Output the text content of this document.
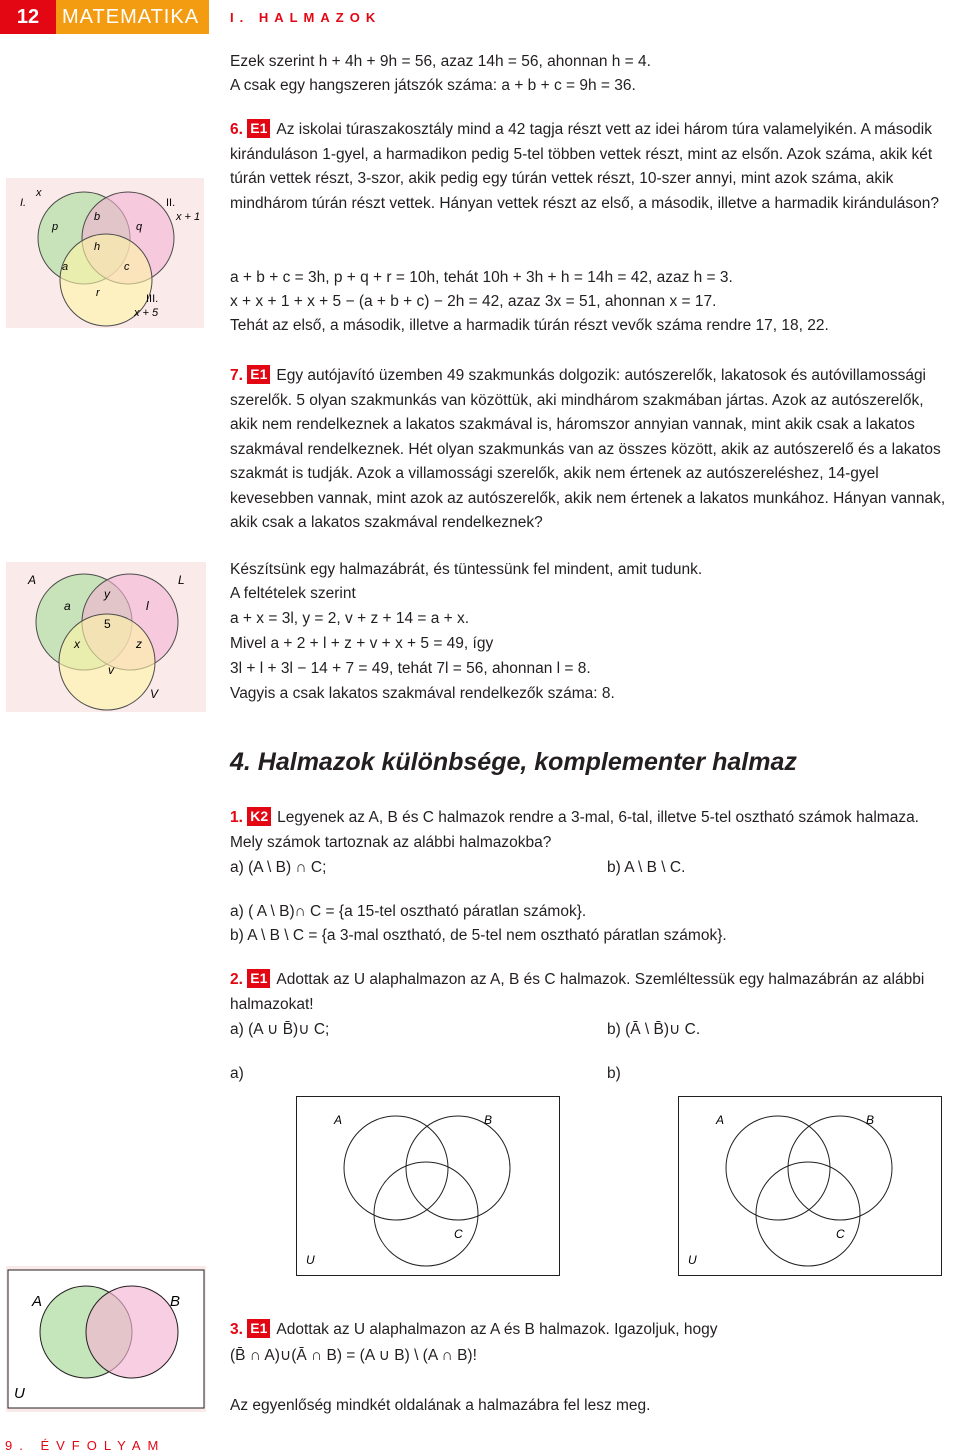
12	MATEMATIKA	I. HALMAZOK
Ezek szerint h + 4h + 9h = 56, azaz 14h = 56, ahonnan h = 4.
A csak egy hangszeren játszók száma: a + b + c = 9h = 36.
6. E1 Az iskolai túraszakosztály mind a 42 tagja részt vett az idei három túra valamelyikén. A második kiránduláson 1-gyel, a harmadikon pedig 5-tel többen vettek részt, mint az elsőn. Azok száma, akik két túrán vettek részt, 3-szor, akik pedig egy túrán vettek részt, 10-szer annyi, mint azok száma, akik mindhárom túrán részt vettek. Hányan vettek részt az első, a második, illetve a harmadik kiránduláson?
a + b + c = 3h, p + q + r = 10h, tehát 10h + 3h + h = 14h = 42, azaz h = 3.
x + x + 1 + x + 5 − (a + b + c) − 2h = 42, azaz 3x = 51, ahonnan x = 17.
Tehát az első, a második, illetve a harmadik túrán részt vevők száma rendre 17, 18, 22.
I.
x
II.
x + 1
p
b
q
h
a	c
r	III.
x + 5
7. E1 Egy autójavító üzemben 49 szakmunkás dolgozik: autószerelők, lakatosok és autóvillamossági szerelők. 5 olyan szakmunkás van közöttük, aki mindhárom szakmában jártas. Azok az autószerelők, akik nem rendelkeznek a lakatos szakmával is, háromszor annyian vannak, mint akik csak a lakatos szakmával rendelkeznek. Hét olyan szakmunkás van az összes között, akik az autószerelő és a lakatos szakmát is tudják. Azok a villamossági szerelők, akik nem értenek az autószereléshez, 14-gyel kevesebben vannak, mint azok az autószerelők, akik nem értenek a lakatos munkához. Hányan vannak, akik csak a lakatos szakmával rendelkeznek?
Készítsünk egy halmazábrát, és tüntessünk fel mindent, amit tudunk.
A feltételek szerint
a + x = 3l, y = 2, v + z + 14 = a + x.
Mivel a + 2 + l + z + v + x + 5 = 49, így
3l + l + 3l − 14 + 7 = 49, tehát 7l = 56, ahonnan l = 8.
Vagyis a csak lakatos szakmával rendelkezők száma: 8.
A	L
a
y
l
5
x	z
v
V
4. Halmazok különbsége, komplementer halmaz
1. K2 Legyenek az A, B és C halmazok rendre a 3-mal, 6-tal, illetve 5-tel osztható számok halmaza. Mely számok tartoznak az alábbi halmazokba?
a) (A \ B) ∩ C;	b) A \ B \ C.
a) ( A \ B)∩ C = {a 15-tel osztható páratlan számok}.
b) A \ B \ C = {a 3-mal osztható, de 5-tel nem osztható páratlan számok}.
2. E1 Adottak az U alaphalmazon az A, B és C halmazok. Szemléltessük egy halmazábrán az alábbi halmazokat!
a) (A ∪ B̄)∪ C;	b) (Ā \ B̄)∪ C.
a)	b)
A	B
C
U
A	B
C
U
A	B
U
3. E1 Adottak az U alaphalmazon az A és B halmazok. Igazoljuk, hogy
(B̄ ∩ A)∪(Ā ∩ B) = (A ∪ B) \ (A ∩ B)!
Az egyenlőség mindkét oldalának a halmazábra fel lesz meg.
9. ÉVFOLYAM
